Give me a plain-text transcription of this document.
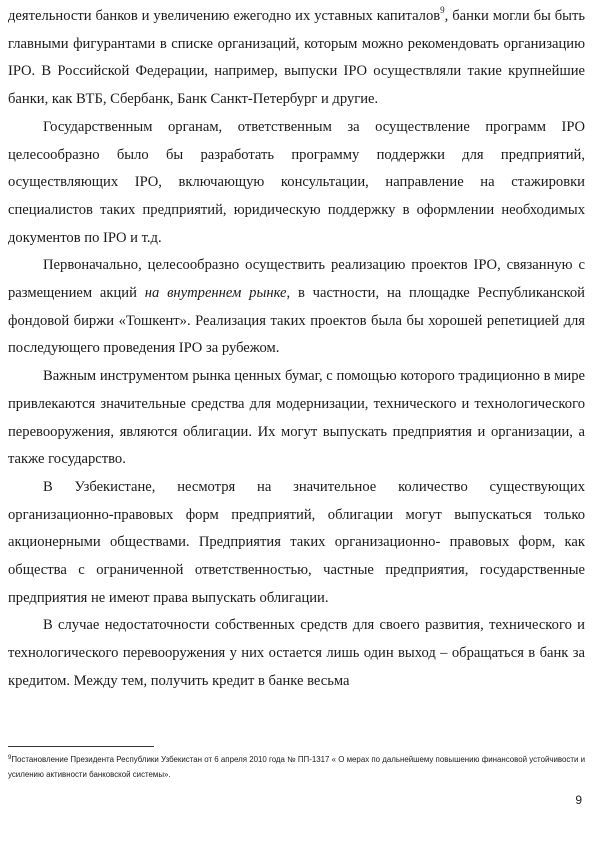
деятельности банков и увеличению ежегодно их уставных капиталов$^9$, банки могли бы быть главными фигурантами в списке организаций, которым можно рекомендовать организацию IPO. В Российской Федерации, например, выпуски IPO осуществляли такие крупнейшие банки, как ВТБ, Сбербанк, Банк Санкт-Петербург и другие.

Государственным органам, ответственным за осуществление программ IPO целесообразно было бы разработать программу поддержки для предприятий, осуществляющих IPO, включающую консультации, направление на стажировки специалистов таких предприятий, юридическую поддержку в оформлении необходимых документов по IPO и т.д.

Первоначально, целесообразно осуществить реализацию проектов IPO, связанную с размещением акций на внутреннем рынке, в частности, на площадке Республиканской фондовой биржи «Тошкент». Реализация таких проектов была бы хорошей репетицией для последующего проведения IPO за рубежом.

Важным инструментом рынка ценных бумаг, с помощью которого традиционно в мире привлекаются значительные средства для модернизации, технического и технологического перевооружения, являются облигации. Их могут выпускать предприятия и организации, а также государство.

В Узбекистане, несмотря на значительное количество существующих организационно-правовых форм предприятий, облигации могут выпускаться только акционерными обществами. Предприятия таких организационно- правовых форм, как общества с ограниченной ответственностью, частные предприятия, государственные предприятия не имеют права выпускать облигации.

В случае недостаточности собственных средств для своего развития, технического и технологического перевооружения у них остается лишь один выход – обращаться в банк за кредитом. Между тем, получить кредит в банке весьма

$^9$Постановление Президента Республики Узбекистан от 6 апреля 2010 года № ПП-1317 « О мерах по дальнейшему повышению финансовой устойчивости и усилению активности банковской системы».
9
